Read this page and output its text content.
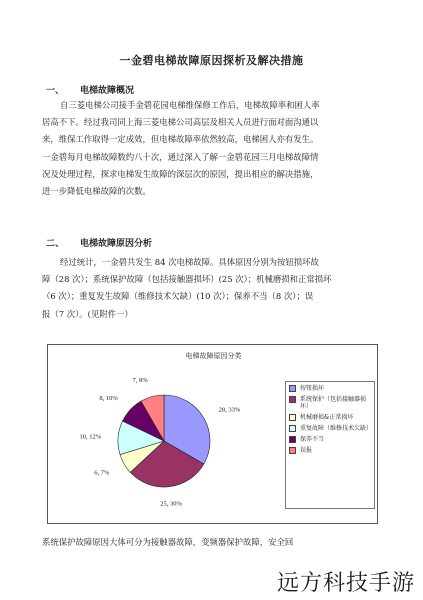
一金碧电梯故障原因探析及解决措施
一、 电梯故障概况
自三菱电梯公司接手金碧花园电梯维保修工作后，电梯故障率和困人率
居高不下。经过我司同上海三菱电梯公司高层及相关人员进行面对面沟通以
来，维保工作取得一定成效，但电梯故障率依然较高，电梯困人亦有发生。
一金碧每月电梯故障数约八十次，通过深入了解一金碧花园三月电梯故障情
况及处理过程，探求电梯发生故障的深层次的原因，提出相应的解决措施，
进一步降低电梯故障的次数。
二、 电梯故障原因分析
经过统计，一金碧共发生 84 次电梯故障。具体原因分别为按钮损坏故
障（28 次）；系统保护故障（包括接触器损坏）(25 次）；机械磨损和正常损坏
（6 次）；重复发生故障（维修技术欠缺）(10 次）；保养不当（8 次）；误
报（7 次）。(见附件一）
电梯故障原因分类
28, 33%
25, 30%
6, 7%
10, 12%
8, 10%
7, 8%
按钮损坏
系统保护（包括接触器损坏）
机械磨损&正常损坏
重复故障（维修技术欠缺）
保养不当
误报
系统保护故障原因大体可分为接触器故障，变频器保护故障，安全回
远方科技手游
